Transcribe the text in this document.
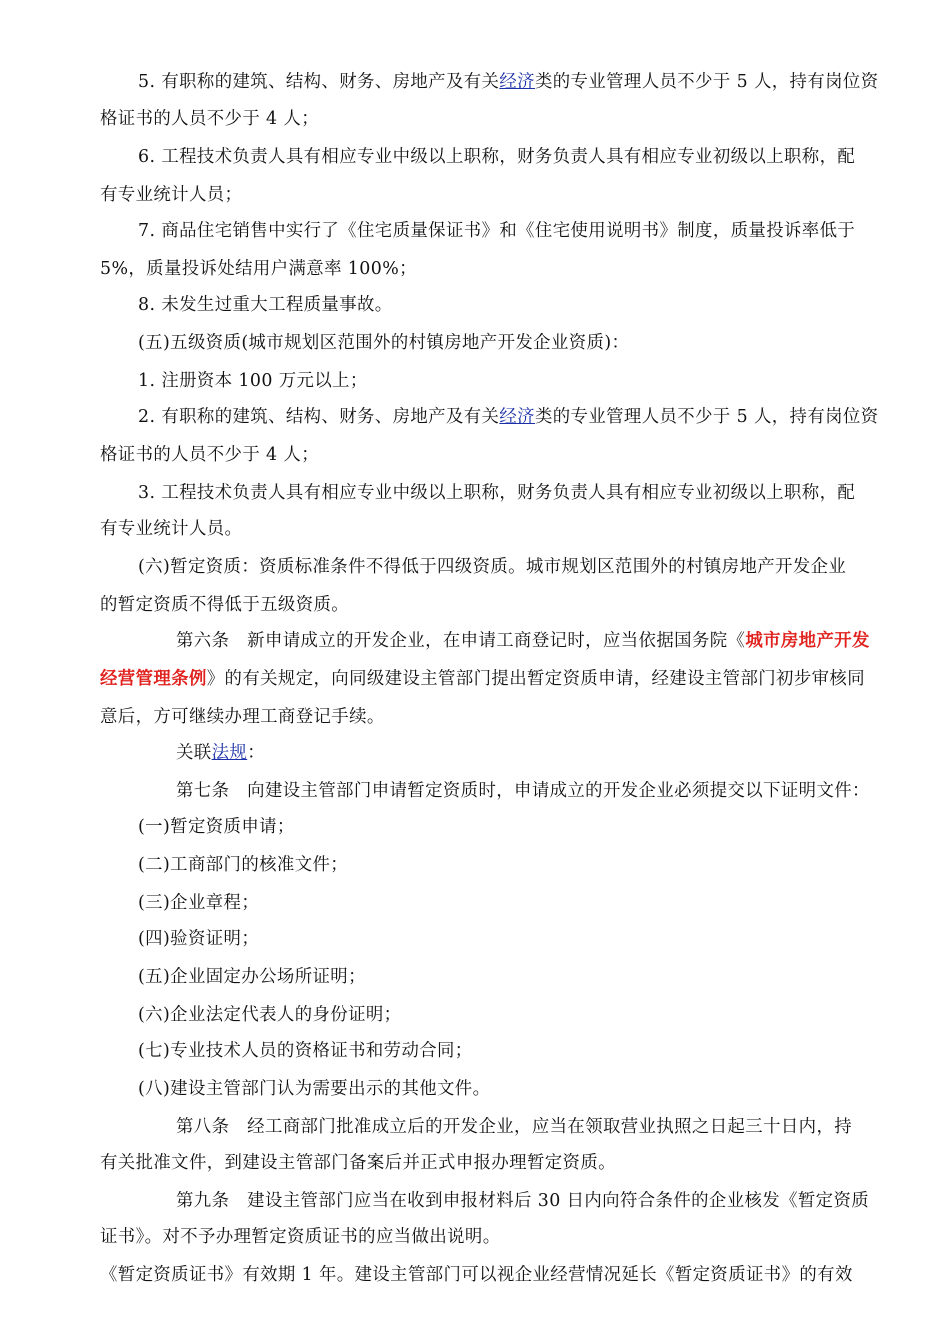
5. 有职称的建筑、结构、财务、房地产及有关经济类的专业管理人员不少于 5 人，持有岗位资
格证书的人员不少于 4 人；
6. 工程技术负责人具有相应专业中级以上职称，财务负责人具有相应专业初级以上职称，配
有专业统计人员；
7. 商品住宅销售中实行了《住宅质量保证书》和《住宅使用说明书》制度，质量投诉率低于
5%，质量投诉处结用户满意率 100%；
8. 未发生过重大工程质量事故。
(五)五级资质(城市规划区范围外的村镇房地产开发企业资质)：
1. 注册资本 100 万元以上；
2. 有职称的建筑、结构、财务、房地产及有关经济类的专业管理人员不少于 5 人，持有岗位资
格证书的人员不少于 4 人；
3. 工程技术负责人具有相应专业中级以上职称，财务负责人具有相应专业初级以上职称，配
有专业统计人员。
(六)暂定资质：资质标准条件不得低于四级资质。城市规划区范围外的村镇房地产开发企业
的暂定资质不得低于五级资质。
第六条　新申请成立的开发企业，在申请工商登记时，应当依据国务院《城市房地产开发
经营管理条例》的有关规定，向同级建设主管部门提出暂定资质申请，经建设主管部门初步审核同
意后，方可继续办理工商登记手续。
关联法规：
第七条　向建设主管部门申请暂定资质时，申请成立的开发企业必须提交以下证明文件：
(一)暂定资质申请；
(二)工商部门的核准文件；
(三)企业章程；
(四)验资证明；
(五)企业固定办公场所证明；
(六)企业法定代表人的身份证明；
(七)专业技术人员的资格证书和劳动合同；
(八)建设主管部门认为需要出示的其他文件。
第八条　经工商部门批准成立后的开发企业，应当在领取营业执照之日起三十日内，持
有关批准文件，到建设主管部门备案后并正式申报办理暂定资质。
第九条　建设主管部门应当在收到申报材料后 30 日内向符合条件的企业核发《暂定资质
证书》。对不予办理暂定资质证书的应当做出说明。
《暂定资质证书》有效期 1 年。建设主管部门可以视企业经营情况延长《暂定资质证书》的有效
